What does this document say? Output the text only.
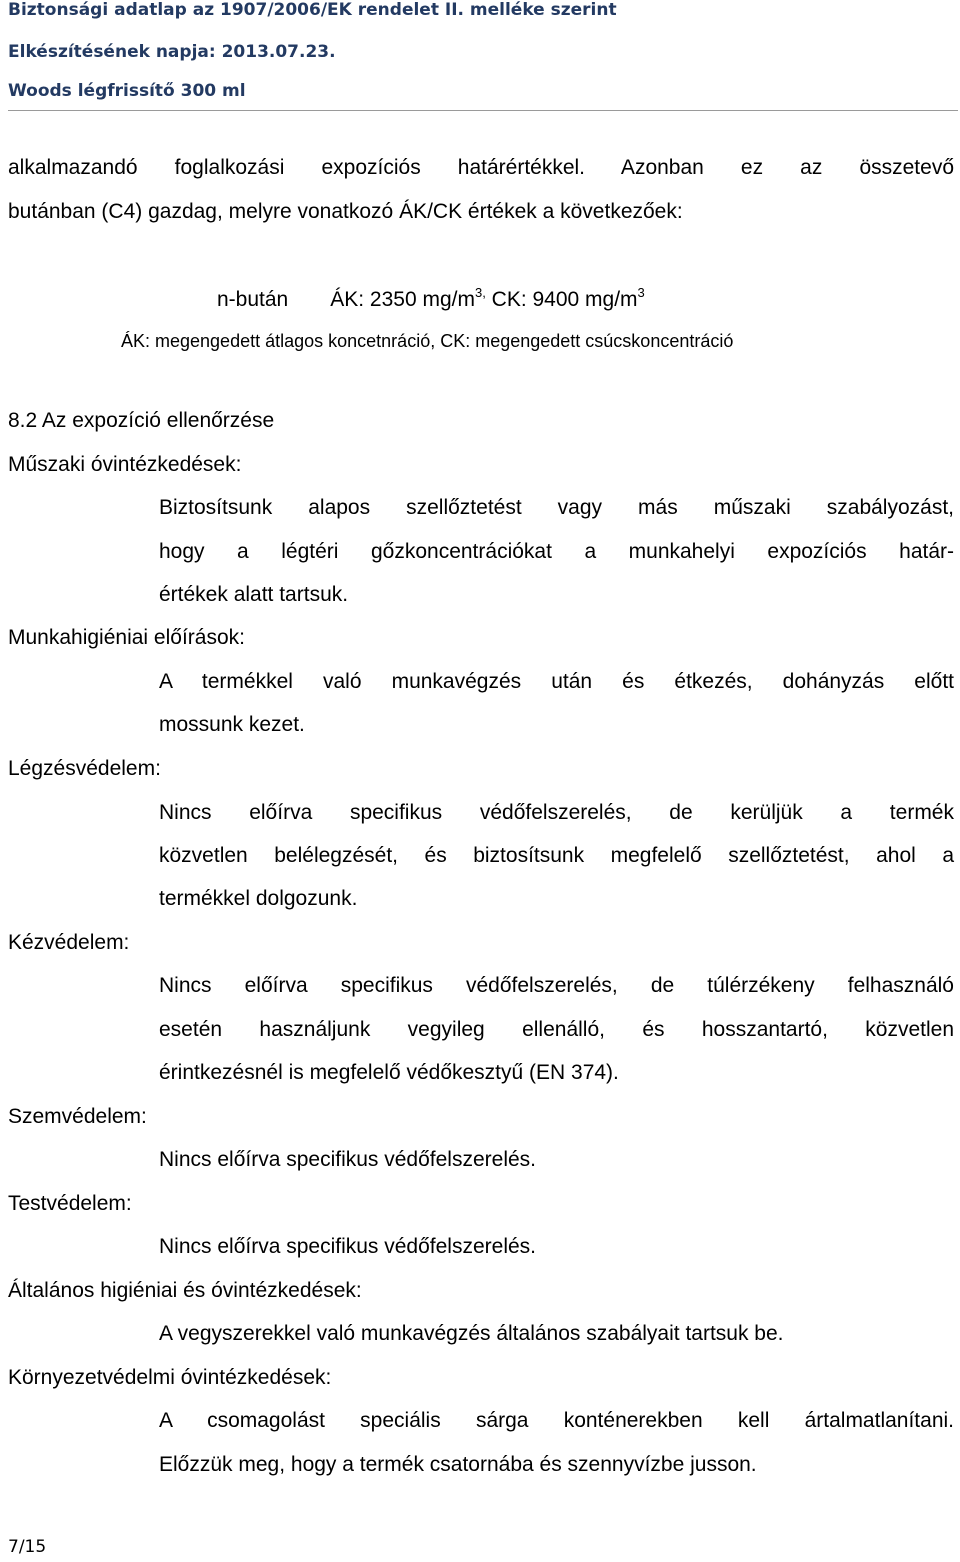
Biztonsági adatlap az 1907/2006/EK rendelet II. melléke szerint
Elkészítésének napja: 2013.07.23.
Woods légfrissítő 300 ml
alkalmazandó foglalkozási expozíciós határértékkel. Azonban ez az összetevő
butánban (C4) gazdag, melyre vonatkozó ÁK/CK értékek a következőek:
n-bután ÁK: 2350 $mg/m^{3,}$ CK: 9400 $mg/m^3$
ÁK: megengedett átlagos koncetnráció, CK: megengedett csúcskoncentráció
8.2 Az expozíció ellenőrzése
Műszaki óvintézkedések:
Biztosítsunk alapos szellőztetést vagy más műszaki szabályozást,
hogy a légtéri gőzkoncentrációkat a munkahelyi expozíciós határ-
értékek alatt tartsuk.
Munkahigiéniai előírások:
A termékkel való munkavégzés után és étkezés, dohányzás előtt
mossunk kezet.
Légzésvédelem:
Nincs előírva specifikus védőfelszerelés, de kerüljük a termék
közvetlen belélegzését, és biztosítsunk megfelelő szellőztetést, ahol a
termékkel dolgozunk.
Kézvédelem:
Nincs előírva specifikus védőfelszerelés, de túlérzékeny felhasználó
esetén használjunk vegyileg ellenálló, és hosszantartó, közvetlen
érintkezésnél is megfelelő védőkesztyű (EN 374).
Szemvédelem:
Nincs előírva specifikus védőfelszerelés.
Testvédelem:
Nincs előírva specifikus védőfelszerelés.
Általános higiéniai és óvintézkedések:
A vegyszerekkel való munkavégzés általános szabályait tartsuk be.
Környezetvédelmi óvintézkedések:
A csomagolást speciális sárga konténerekben kell ártalmatlanítani.
Előzzük meg, hogy a termék csatornába és szennyvízbe jusson.
7/15
